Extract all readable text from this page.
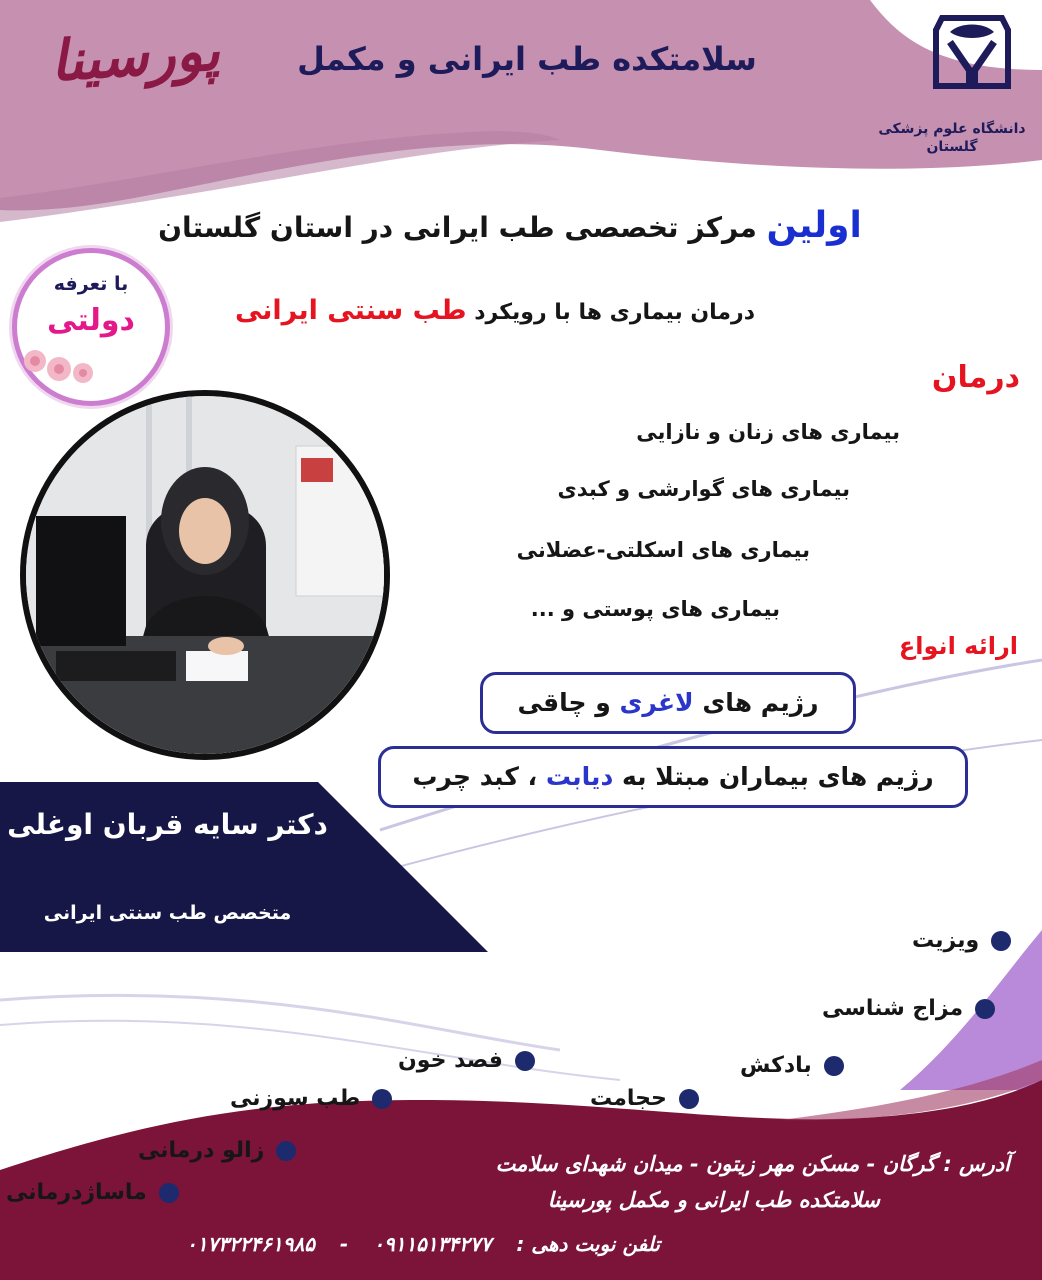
پورسینا	سلامتکده طب ایرانی و مکمل
دانشگاه علوم پزشکی
گلستان
اولین مرکز تخصصی طب ایرانی در استان گلستان
درمان بیماری ها با رویکرد طب سنتی ایرانی
با تعرفه
دولتی
درمان
بیماری های زنان و نازایی
بیماری های گوارشی و کبدی
بیماری های اسکلتی-عضلانی
بیماری های پوستی و ...
ارائه انواع
رژیم های لاغری و چاقی
رژیم های بیماران مبتلا به دیابت ، کبد چرب
دکتر سایه قربان اوغلی
متخصص طب سنتی ایرانی
ویزیت
مزاج شناسی
بادکش
فصد خون
حجامت
طب سوزنی
زالو درمانی
ماساژدرمانی
آدرس : گرگان - مسکن مهر زیتون - میدان شهدای سلامت
سلامتکده طب ایرانی و مکمل پورسینا
تلفن نوبت دهی : ۰۹۱۱۵۱۳۴۲۷۷ - ۰۱۷۳۲۲۴۶۱۹۸۵
